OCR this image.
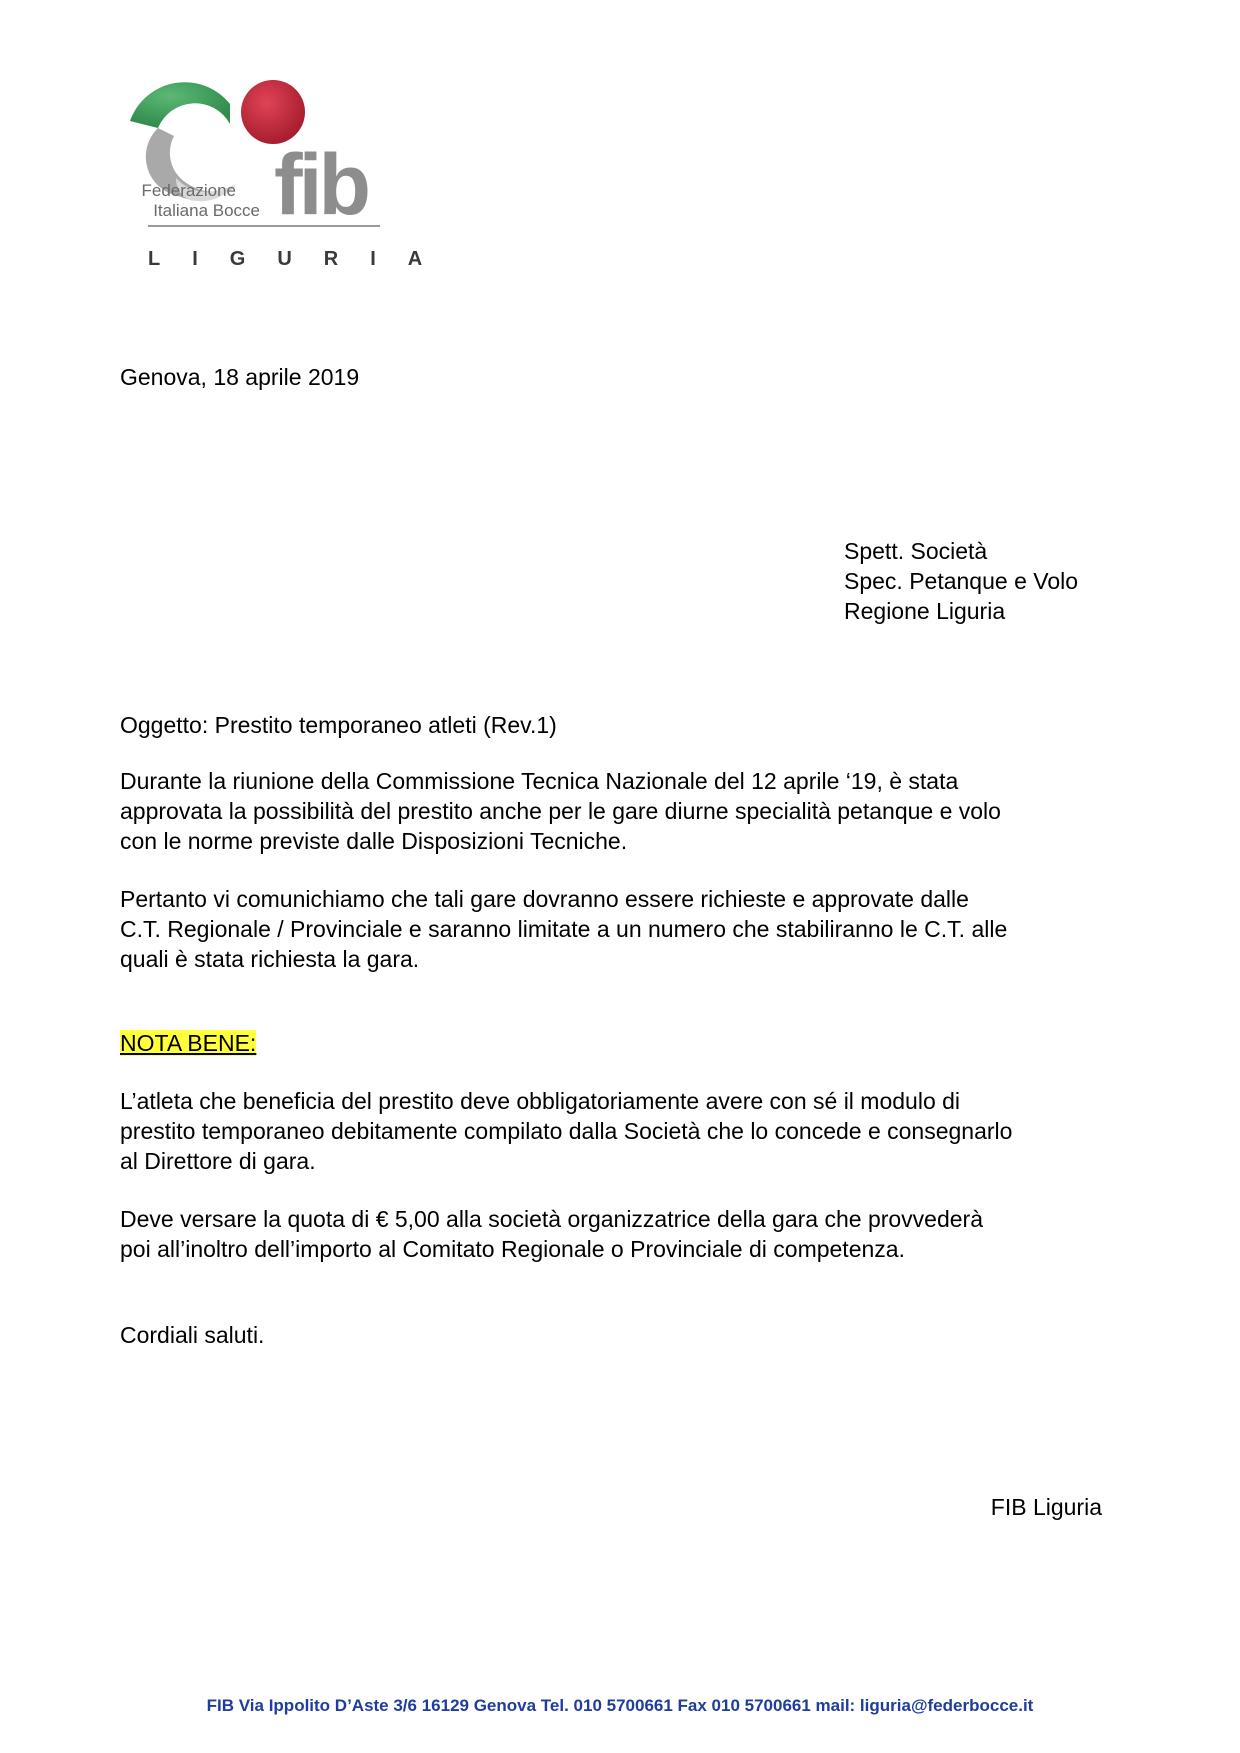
fib
Federazione
Italiana Bocce
LIGURIA
Genova, 18 aprile 2019
Spett. Società
Spec. Petanque e Volo
Regione Liguria
Oggetto: Prestito temporaneo atleti (Rev.1)
Durante la riunione della Commissione Tecnica Nazionale del 12 aprile ‘19, è stata
approvata la possibilità del prestito anche per le gare diurne specialità petanque e volo
con le norme previste dalle Disposizioni Tecniche.
Pertanto vi comunichiamo che tali gare dovranno essere richieste e approvate dalle
C.T. Regionale / Provinciale e saranno limitate a un numero che stabiliranno le C.T. alle
quali è stata richiesta la gara.
NOTA BENE:
L’atleta che beneficia del prestito deve obbligatoriamente avere con sé il modulo di
prestito temporaneo debitamente compilato dalla Società che lo concede e consegnarlo
al Direttore di gara.
Deve versare la quota di € 5,00 alla società organizzatrice della gara che provvederà
poi all’inoltro dell’importo al Comitato Regionale o Provinciale di competenza.
Cordiali saluti.
FIB Liguria
FIB Via Ippolito D’Aste 3/6 16129 Genova Tel. 010 5700661 Fax 010 5700661 mail: liguria@federbocce.it
